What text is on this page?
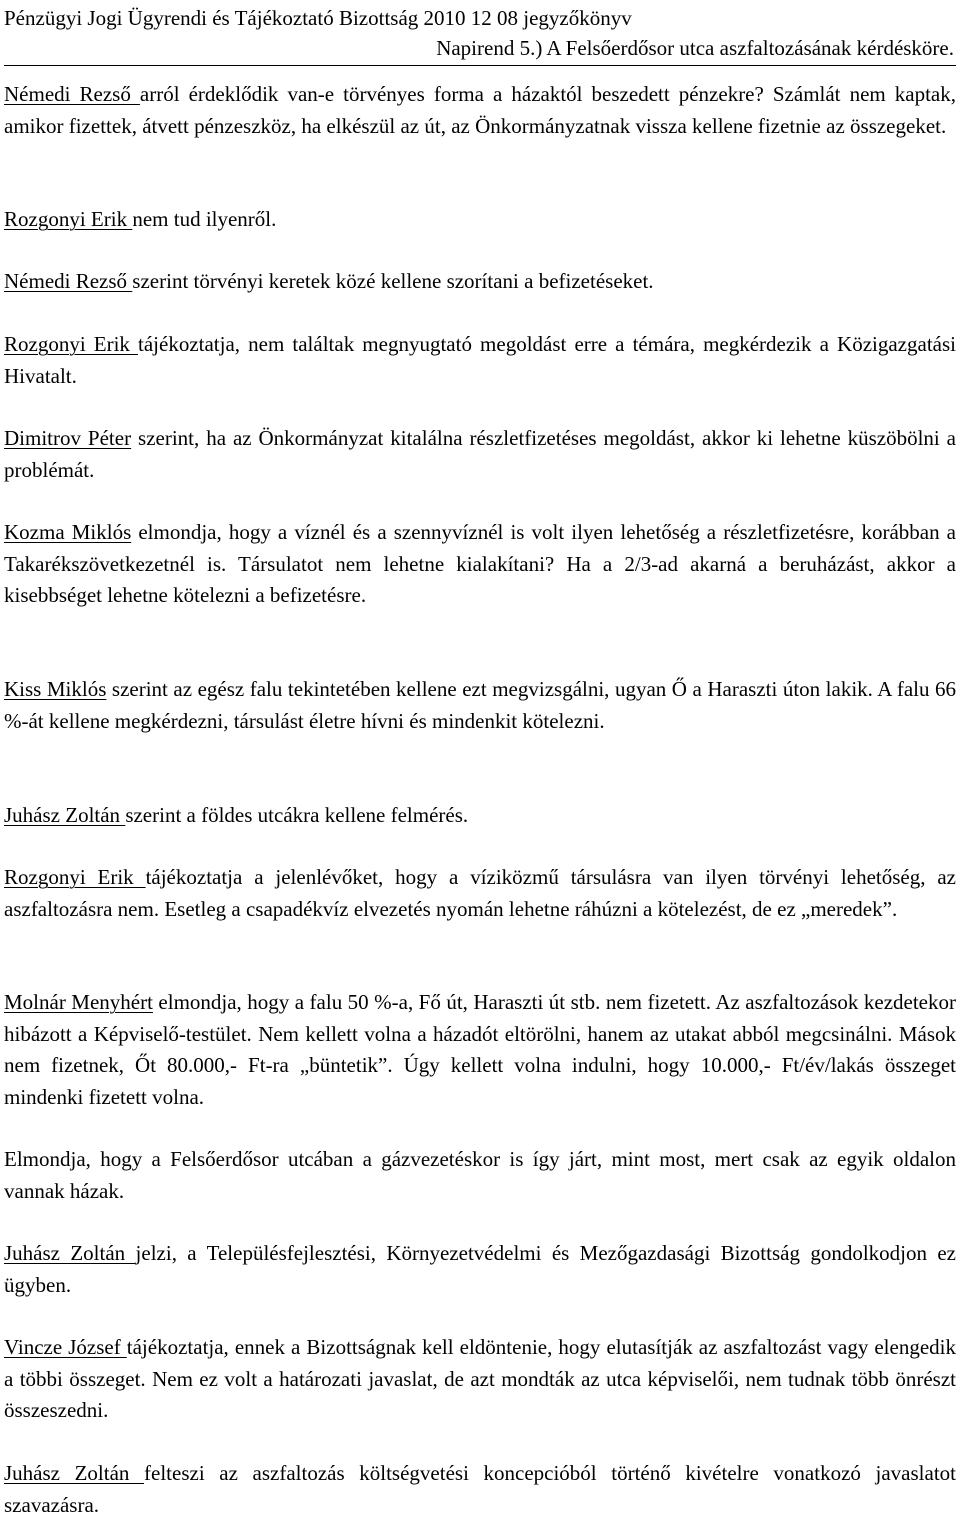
Pénzügyi Jogi Ügyrendi és Tájékoztató Bizottság 2010 12 08 jegyzőkönyv
Napirend 5.) A Felsőerdősor utca aszfaltozásának kérdésköre.

Némedi Rezső arról érdeklődik van-e törvényes forma a házaktól beszedett pénzekre? Számlát nem kaptak, amikor fizettek, átvett pénzeszköz, ha elkészül az út, az Önkormányzatnak vissza kellene fizetnie az összegeket.

Rozgonyi Erik nem tud ilyenről.

Némedi Rezső szerint törvényi keretek közé kellene szorítani a befizetéseket.

Rozgonyi Erik tájékoztatja, nem találtak megnyugtató megoldást erre a témára, megkérdezik a Közigazgatási Hivatalt.

Dimitrov Péter szerint, ha az Önkormányzat kitalálna részletfizetéses megoldást, akkor ki lehetne küszöbölni a problémát.

Kozma Miklós elmondja, hogy a víznél és a szennyvíznél is volt ilyen lehetőség a részletfizetésre, korábban a Takarékszövetkezetnél is. Társulatot nem lehetne kialakítani? Ha a 2/3-ad akarná a beruházást, akkor a kisebbséget lehetne kötelezni a befizetésre.

Kiss Miklós szerint az egész falu tekintetében kellene ezt megvizsgálni, ugyan Ő a Haraszti úton lakik. A falu 66 %-át kellene megkérdezni, társulást életre hívni és mindenkit kötelezni.

Juhász Zoltán szerint a földes utcákra kellene felmérés.

Rozgonyi Erik tájékoztatja a jelenlévőket, hogy a víziközmű társulásra van ilyen törvényi lehetőség, az aszfaltozásra nem. Esetleg a csapadékvíz elvezetés nyomán lehetne ráhúzni a kötelezést, de ez „meredek”.

Molnár Menyhért elmondja, hogy a falu 50 %-a, Fő út, Haraszti út stb. nem fizetett. Az aszfaltozások kezdetekor hibázott a Képviselő-testület. Nem kellett volna a házadót eltörölni, hanem az utakat abból megcsinálni. Mások nem fizetnek, Őt 80.000,- Ft-ra „büntetik”. Úgy kellett volna indulni, hogy 10.000,- Ft/év/lakás összeget mindenki fizetett volna.

Elmondja, hogy a Felsőerdősor utcában a gázvezetéskor is így járt, mint most, mert csak az egyik oldalon vannak házak.

Juhász Zoltán jelzi, a Településfejlesztési, Környezetvédelmi és Mezőgazdasági Bizottság gondolkodjon ez ügyben.

Vincze József tájékoztatja, ennek a Bizottságnak kell eldöntenie, hogy elutasítják az aszfaltozást vagy elengedik a többi összeget. Nem ez volt a határozati javaslat, de azt mondták az utca képviselői, nem tudnak több önrészt összeszedni.

Juhász Zoltán felteszi az aszfaltozás költségvetési koncepcióból történő kivételre vonatkozó javaslatot szavazásra.
